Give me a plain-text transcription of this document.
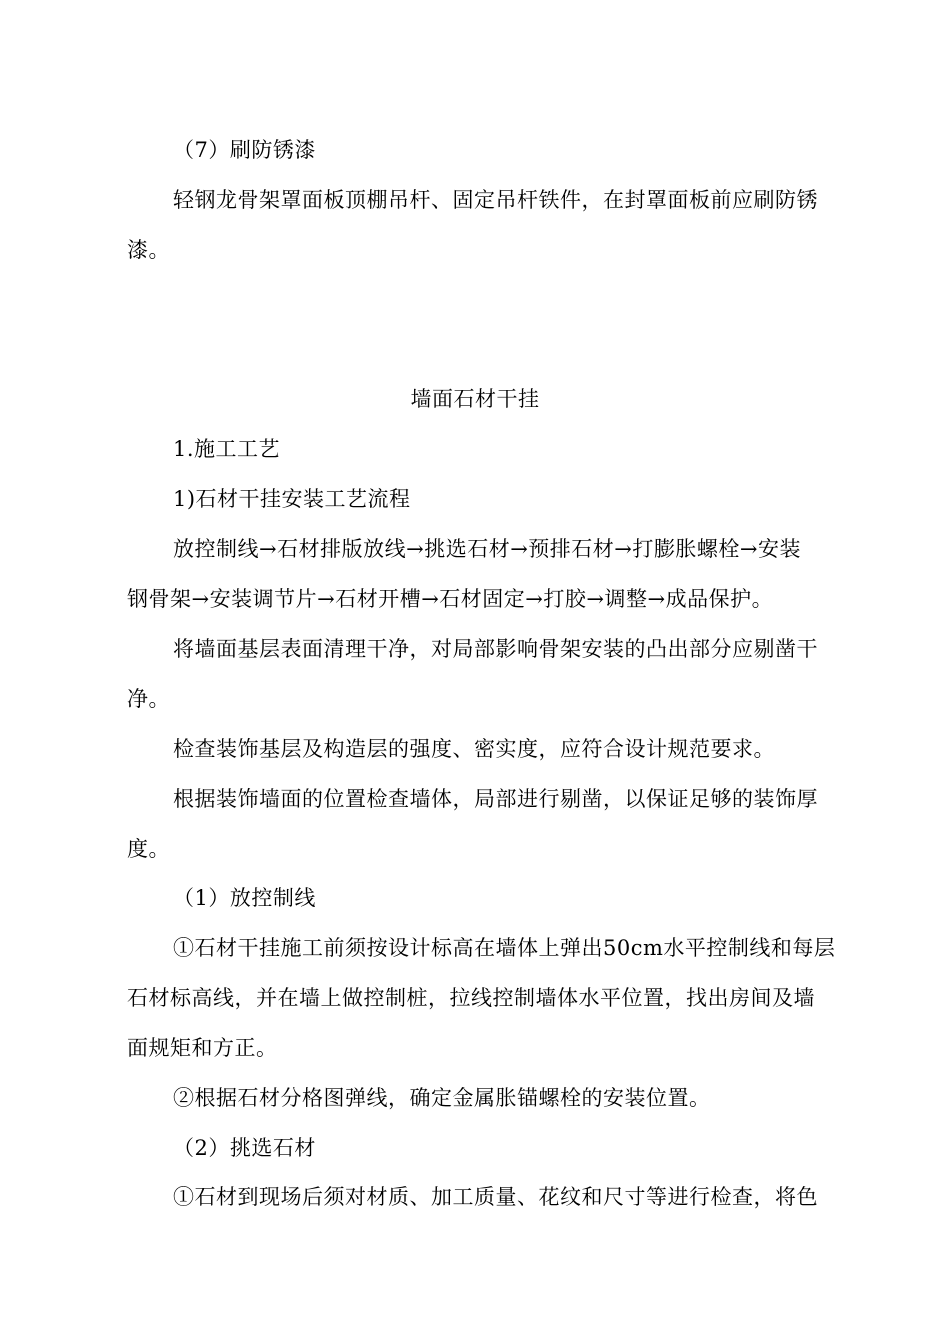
（7）刷防锈漆
轻钢龙骨架罩面板顶棚吊杆、固定吊杆铁件，在封罩面板前应刷防锈
漆。
墙面石材干挂
1.施工工艺
1)石材干挂安装工艺流程
放控制线→石材排版放线→挑选石材→预排石材→打膨胀螺栓→安装
钢骨架→安装调节片→石材开槽→石材固定→打胶→调整→成品保护。
将墙面基层表面清理干净，对局部影响骨架安装的凸出部分应剔凿干
净。
检查装饰基层及构造层的强度、密实度，应符合设计规范要求。
根据装饰墙面的位置检查墙体，局部进行剔凿，以保证足够的装饰厚
度。
（1）放控制线
①石材干挂施工前须按设计标高在墙体上弹出50cm水平控制线和每层
石材标高线，并在墙上做控制桩，拉线控制墙体水平位置，找出房间及墙
面规矩和方正。
②根据石材分格图弹线，确定金属胀锚螺栓的安装位置。
（2）挑选石材
①石材到现场后须对材质、加工质量、花纹和尺寸等进行检查，将色
